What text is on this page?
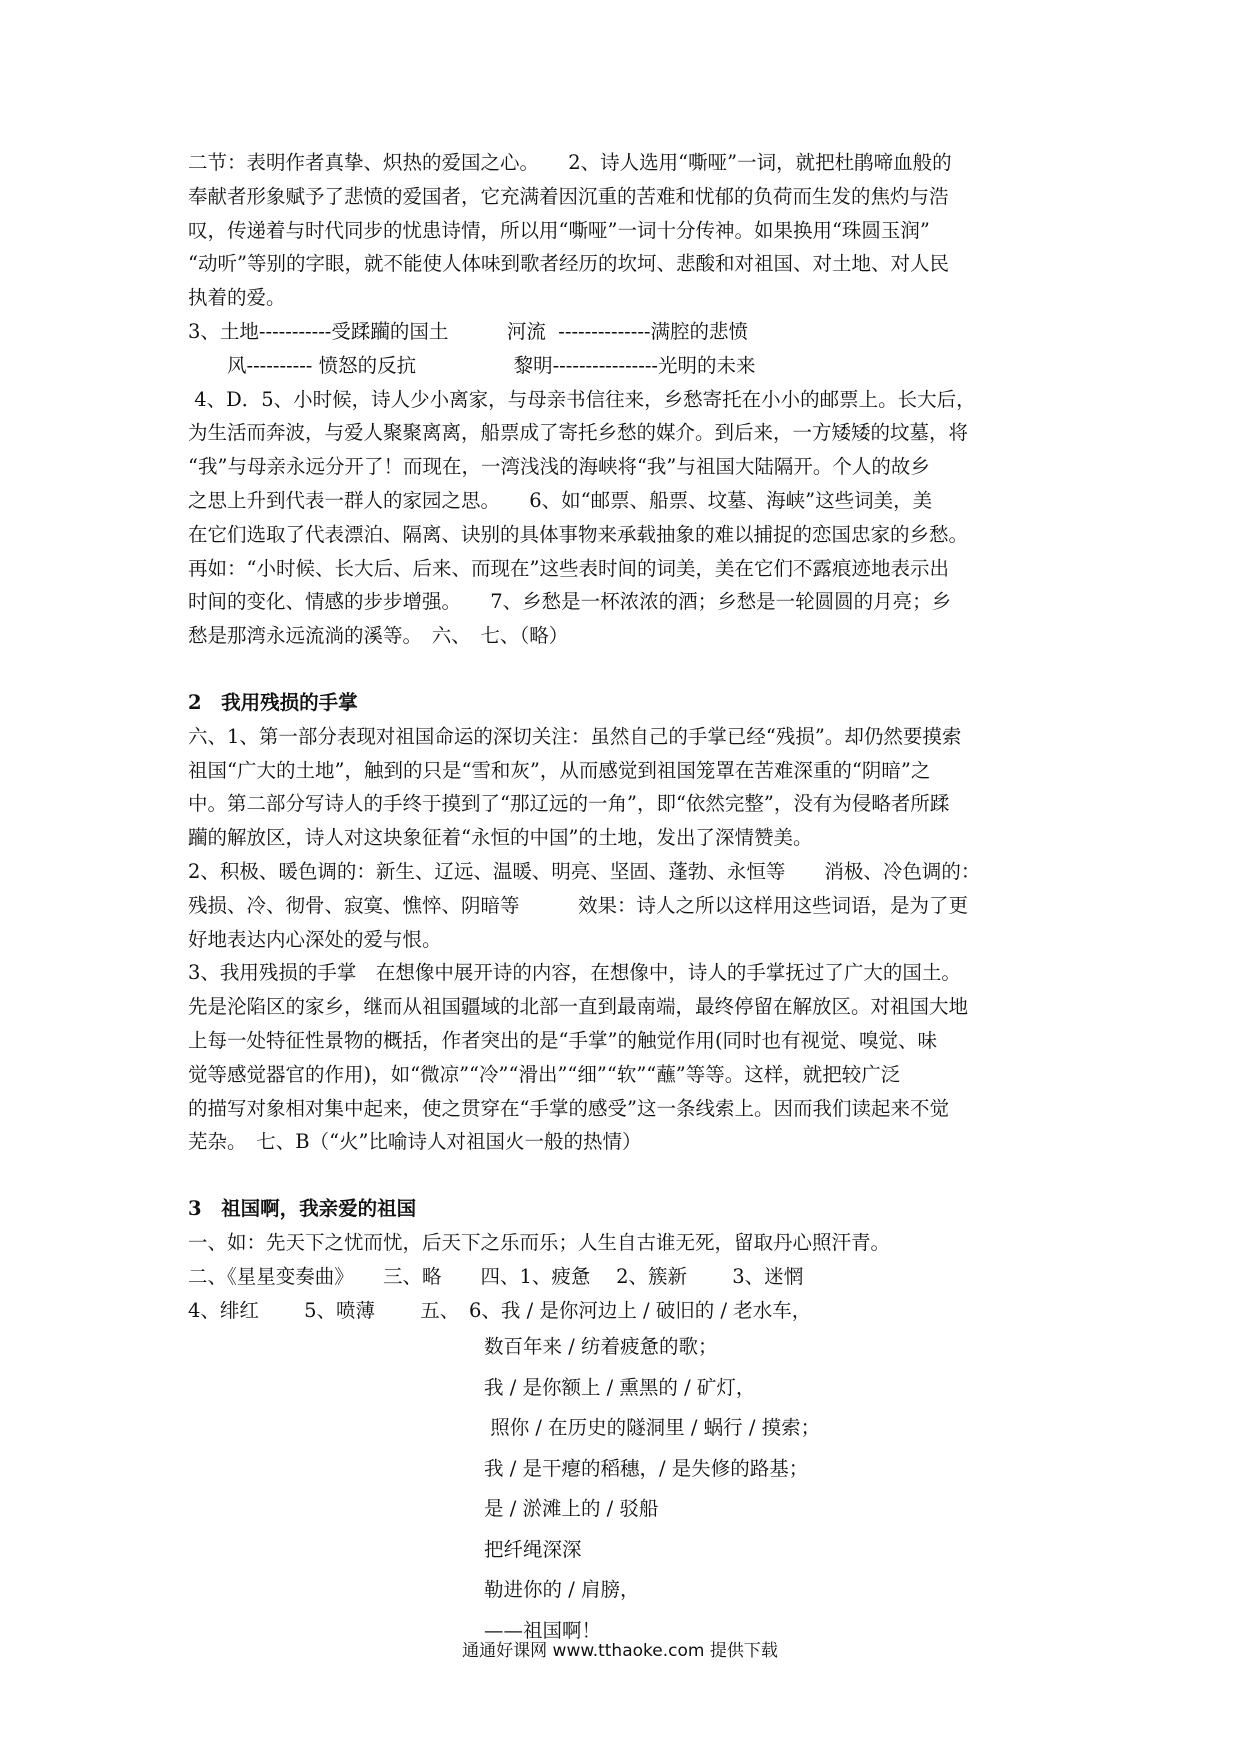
二节：表明作者真挚、炽热的爱国之心。　　2、诗人选用“嘶哑”一词，就把杜鹃啼血般的

奉献者形象赋予了悲愤的爱国者，它充满着因沉重的苦难和忧郁的负荷而生发的焦灼与浩

叹，传递着与时代同步的忧患诗情，所以用“嘶哑”一词十分传神。如果换用“珠圆玉润”

“动听”等别的字眼，就不能使人体味到歌者经历的坎坷、悲酸和对祖国、对土地、对人民

执着的爱。

3、土地-----------受蹂躏的国土　　　河流  --------------满腔的悲愤

　　风---------- 愤怒的反抗　　　　　黎明----------------光明的未来

4、D．5、小时候，诗人少小离家，与母亲书信往来，乡愁寄托在小小的邮票上。长大后，

为生活而奔波，与爱人聚聚离离，船票成了寄托乡愁的媒介。到后来，一方矮矮的坟墓，将

“我”与母亲永远分开了！而现在，一湾浅浅的海峡将“我”与祖国大陆隔开。个人的故乡

之思上升到代表一群人的家园之思。　　6、如“邮票、船票、坟墓、海峡”这些词美，美

在它们选取了代表漂泊、隔离、诀别的具体事物来承载抽象的难以捕捉的恋国忠家的乡愁。

再如：“小时候、长大后、后来、而现在”这些表时间的词美，美在它们不露痕迹地表示出

时间的变化、情感的步步增强。　　7、乡愁是一杯浓浓的酒；乡愁是一轮圆圆的月亮；乡

愁是那湾永远流淌的溪等。　六、　七、（略）

2　我用残损的手掌

六、1、第一部分表现对祖国命运的深切关注：虽然自己的手掌已经“残损”。却仍然要摸索

祖国“广大的土地”，触到的只是“雪和灰”，从而感觉到祖国笼罩在苦难深重的“阴暗”之

中。第二部分写诗人的手终于摸到了“那辽远的一角”，即“依然完整”，没有为侵略者所蹂

躏的解放区，诗人对这块象征着“永恒的中国”的土地，发出了深情赞美。

2、积极、暖色调的：新生、辽远、温暖、明亮、坚固、蓬勃、永恒等　　消极、冷色调的：

残损、冷、彻骨、寂寞、憔悴、阴暗等　　　效果：诗人之所以这样用这些词语，是为了更

好地表达内心深处的爱与恨。

3、我用残损的手掌　在想像中展开诗的内容，在想像中，诗人的手掌抚过了广大的国土。

先是沦陷区的家乡，继而从祖国疆域的北部一直到最南端，最终停留在解放区。对祖国大地

上每一处特征性景物的概括，作者突出的是“手掌”的触觉作用(同时也有视觉、嗅觉、味

觉等感觉器官的作用)，如“微凉”“冷”“滑出”“细”“软”“蘸”等等。这样，就把较广泛

的描写对象相对集中起来，使之贯穿在“手掌的感受”这一条线索上。因而我们读起来不觉

芜杂。　七、B（“火”比喻诗人对祖国火一般的热情）

3　祖国啊，我亲爱的祖国

一、如：先天下之忧而忧，后天下之乐而乐；人生自古谁无死，留取丹心照汗青。

二、《星星变奏曲》　　三、略　　四、1、疲惫　 2、簇新　　 3、迷惘

4、绯红　　 5、喷薄　　 五、　6、我 / 是你河边上 / 破旧的 / 老水车，

数百年来 / 纺着疲惫的歌；

我 / 是你额上 / 熏黑的 / 矿灯，

照你 / 在历史的隧洞里 / 蜗行 / 摸索；

我 / 是干瘪的稻穗，/ 是失修的路基；

是 / 淤滩上的 / 驳船

把纤绳深深

勒进你的 / 肩膀，

——祖国啊！

通通好课网 www.tthaoke.com 提供下载
